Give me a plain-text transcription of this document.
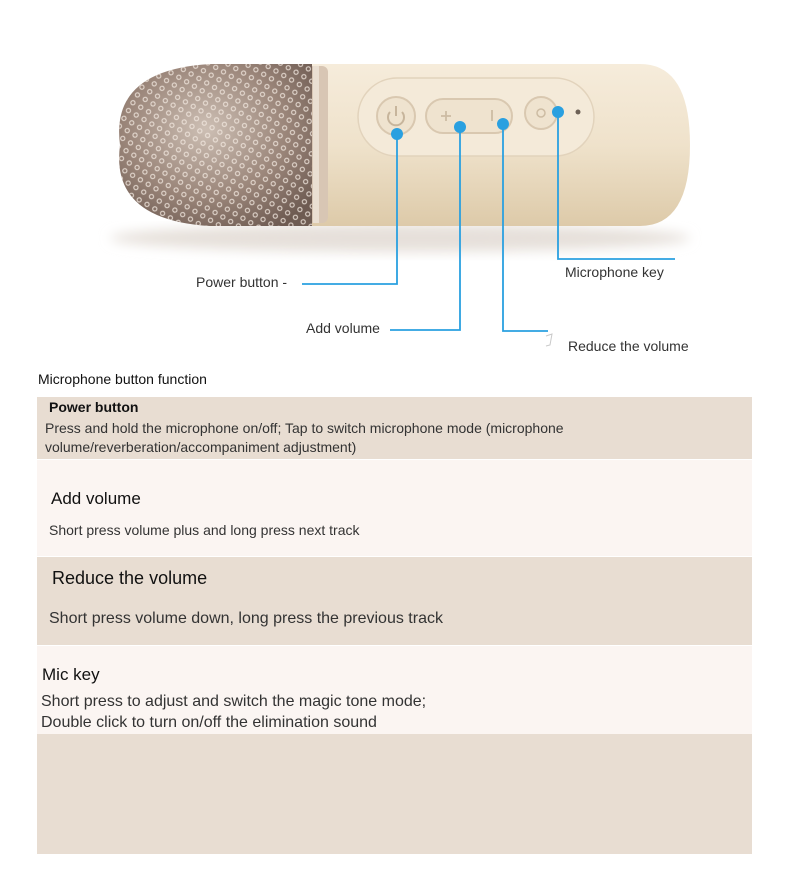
Power button -
Add volume
Reduce the volume
Microphone key
Microphone button function
Power button
Press and hold the microphone on/off; Tap to switch microphone mode (microphone volume/reverberation/accompaniment adjustment)
Add volume
Short press volume plus and long press next track
Reduce the volume
Short press volume down, long press the previous track
Mic key
Short press to adjust and switch the magic tone mode;
Double click to turn on/off the elimination sound
